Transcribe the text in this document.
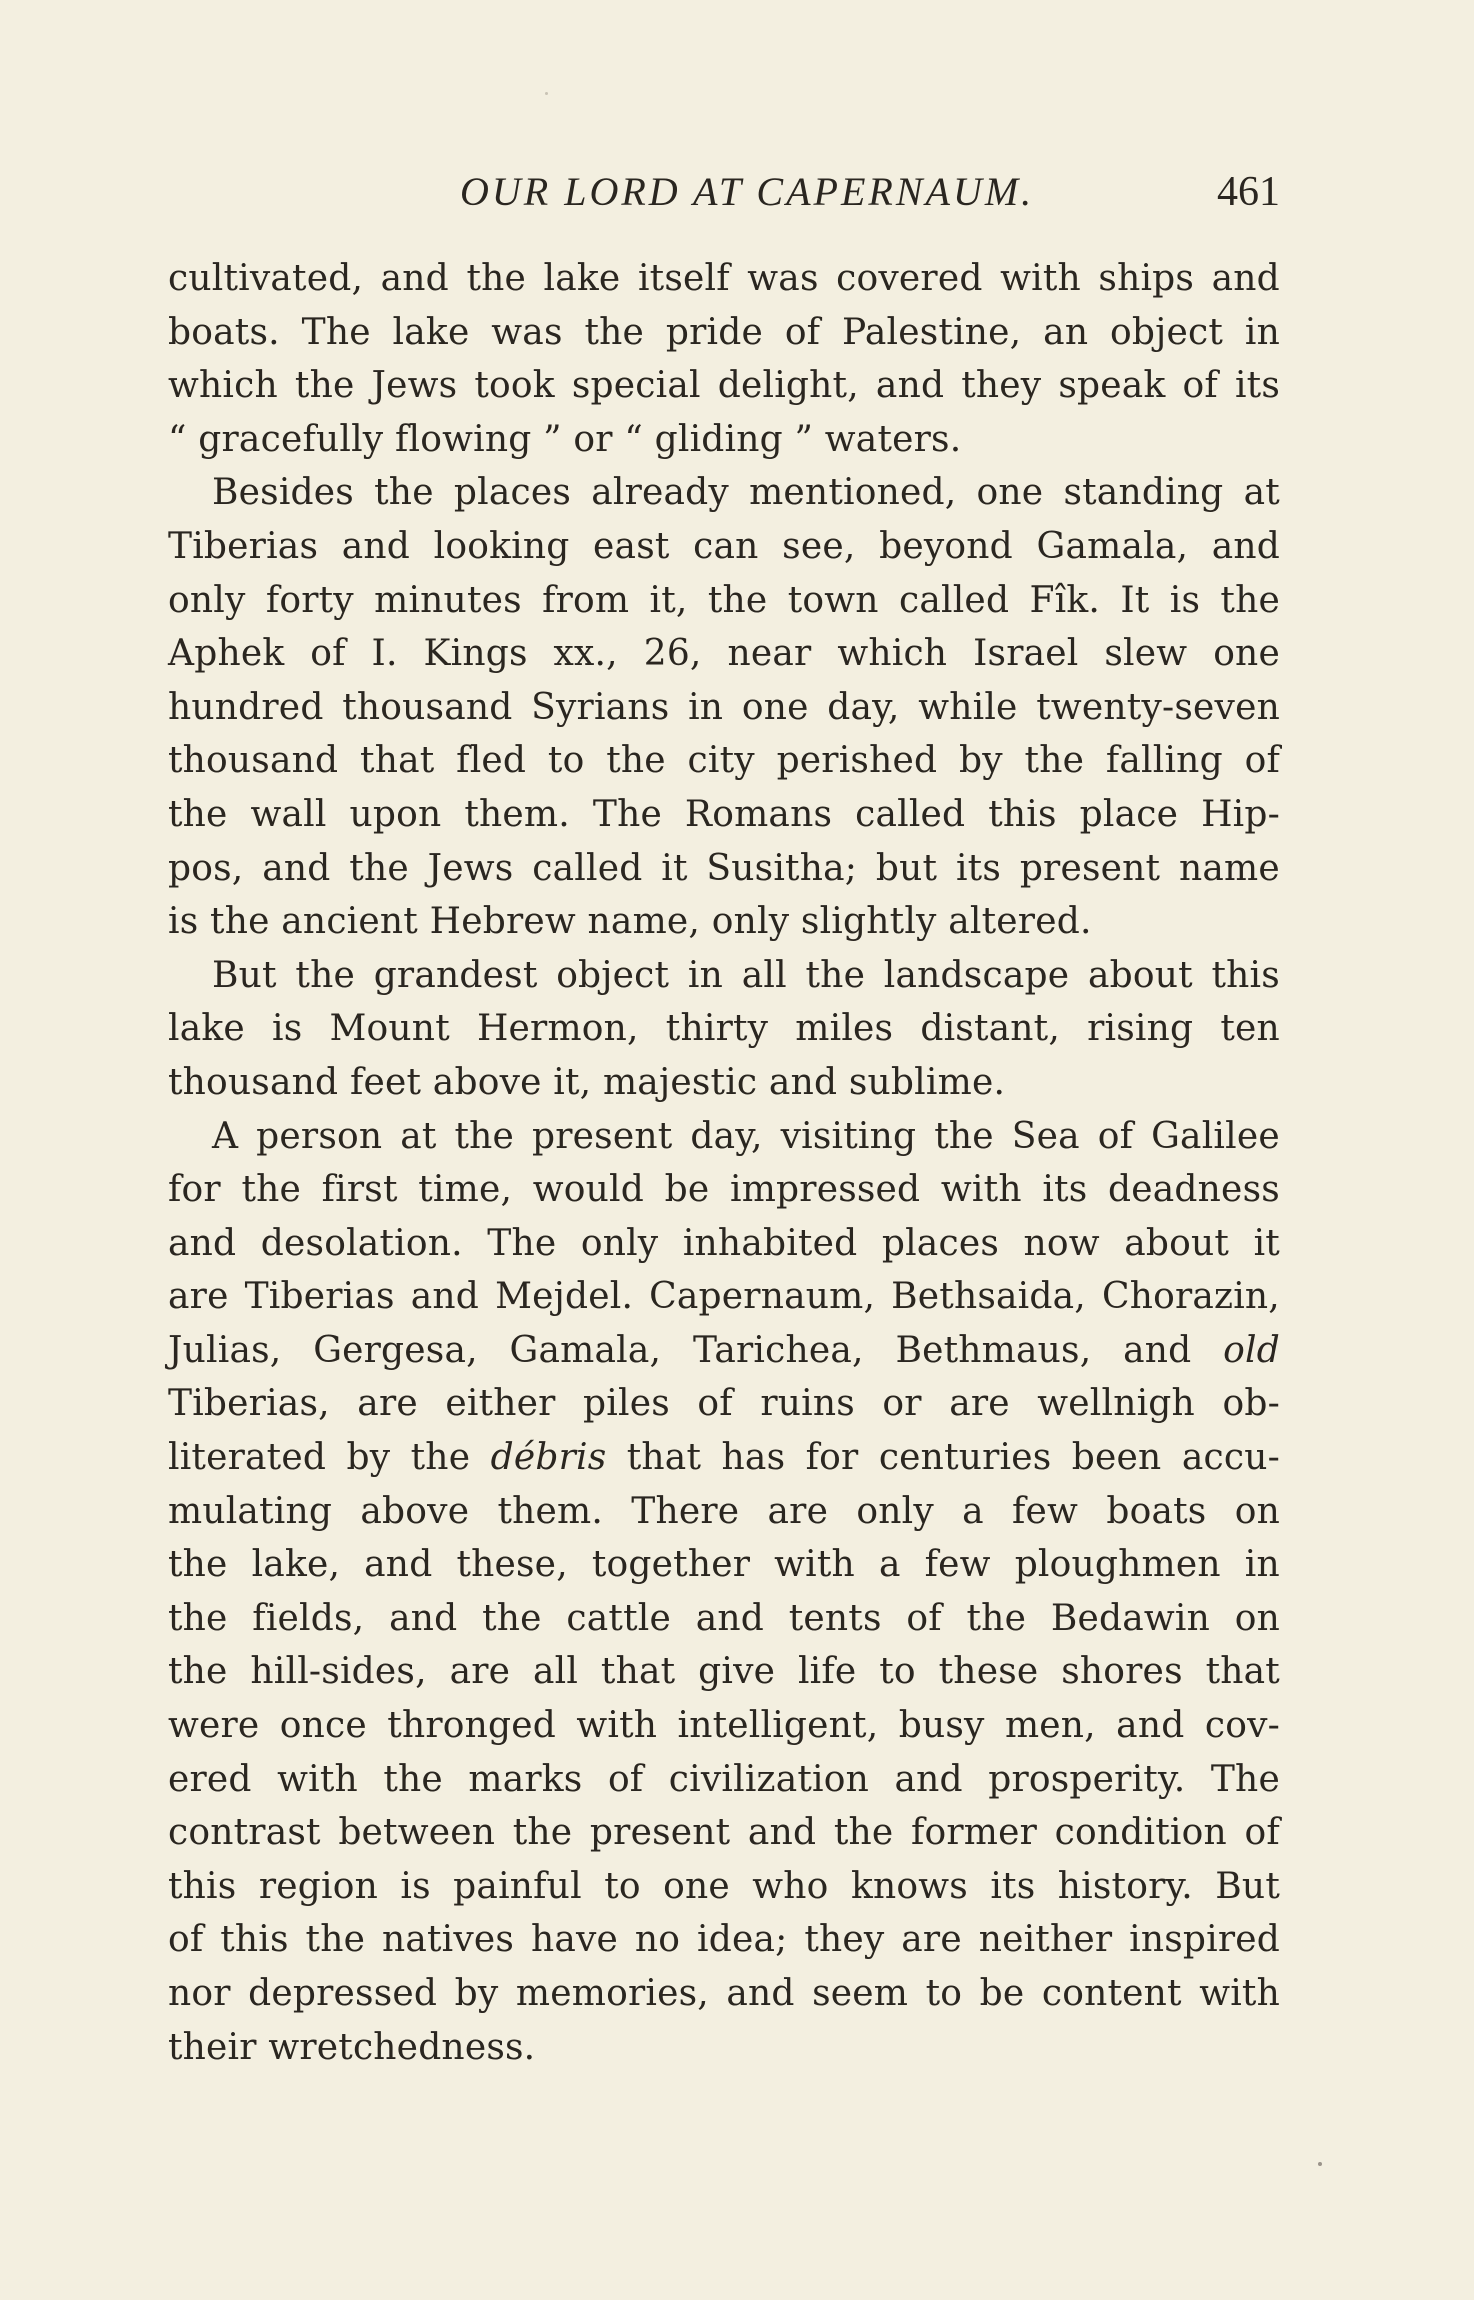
OUR LORD AT CAPERNAUM.	461
cultivated, and the lake itself was covered with ships and
boats. The lake was the pride of Palestine, an object in
which the Jews took special delight, and they speak of its
“ gracefully flowing ” or “ gliding ” waters.
Besides the places already mentioned, one standing at
Tiberias and looking east can see, beyond Gamala, and
only forty minutes from it, the town called Fîk. It is the
Aphek of I. Kings xx., 26, near which Israel slew one
hundred thousand Syrians in one day, while twenty-seven
thousand that fled to the city perished by the falling of
the wall upon them. The Romans called this place Hip-
pos, and the Jews called it Susitha; but its present name
is the ancient Hebrew name, only slightly altered.
But the grandest object in all the landscape about this
lake is Mount Hermon, thirty miles distant, rising ten
thousand feet above it, majestic and sublime.
A person at the present day, visiting the Sea of Galilee
for the first time, would be impressed with its deadness
and desolation. The only inhabited places now about it
are Tiberias and Mejdel. Capernaum, Bethsaida, Chorazin,
Julias, Gergesa, Gamala, Tarichea, Bethmaus, and old
Tiberias, are either piles of ruins or are wellnigh ob-
literated by the débris that has for centuries been accu-
mulating above them. There are only a few boats on
the lake, and these, together with a few ploughmen in
the fields, and the cattle and tents of the Bedawin on
the hill-sides, are all that give life to these shores that
were once thronged with intelligent, busy men, and cov-
ered with the marks of civilization and prosperity. The
contrast between the present and the former condition of
this region is painful to one who knows its history. But
of this the natives have no idea; they are neither inspired
nor depressed by memories, and seem to be content with
their wretchedness.
